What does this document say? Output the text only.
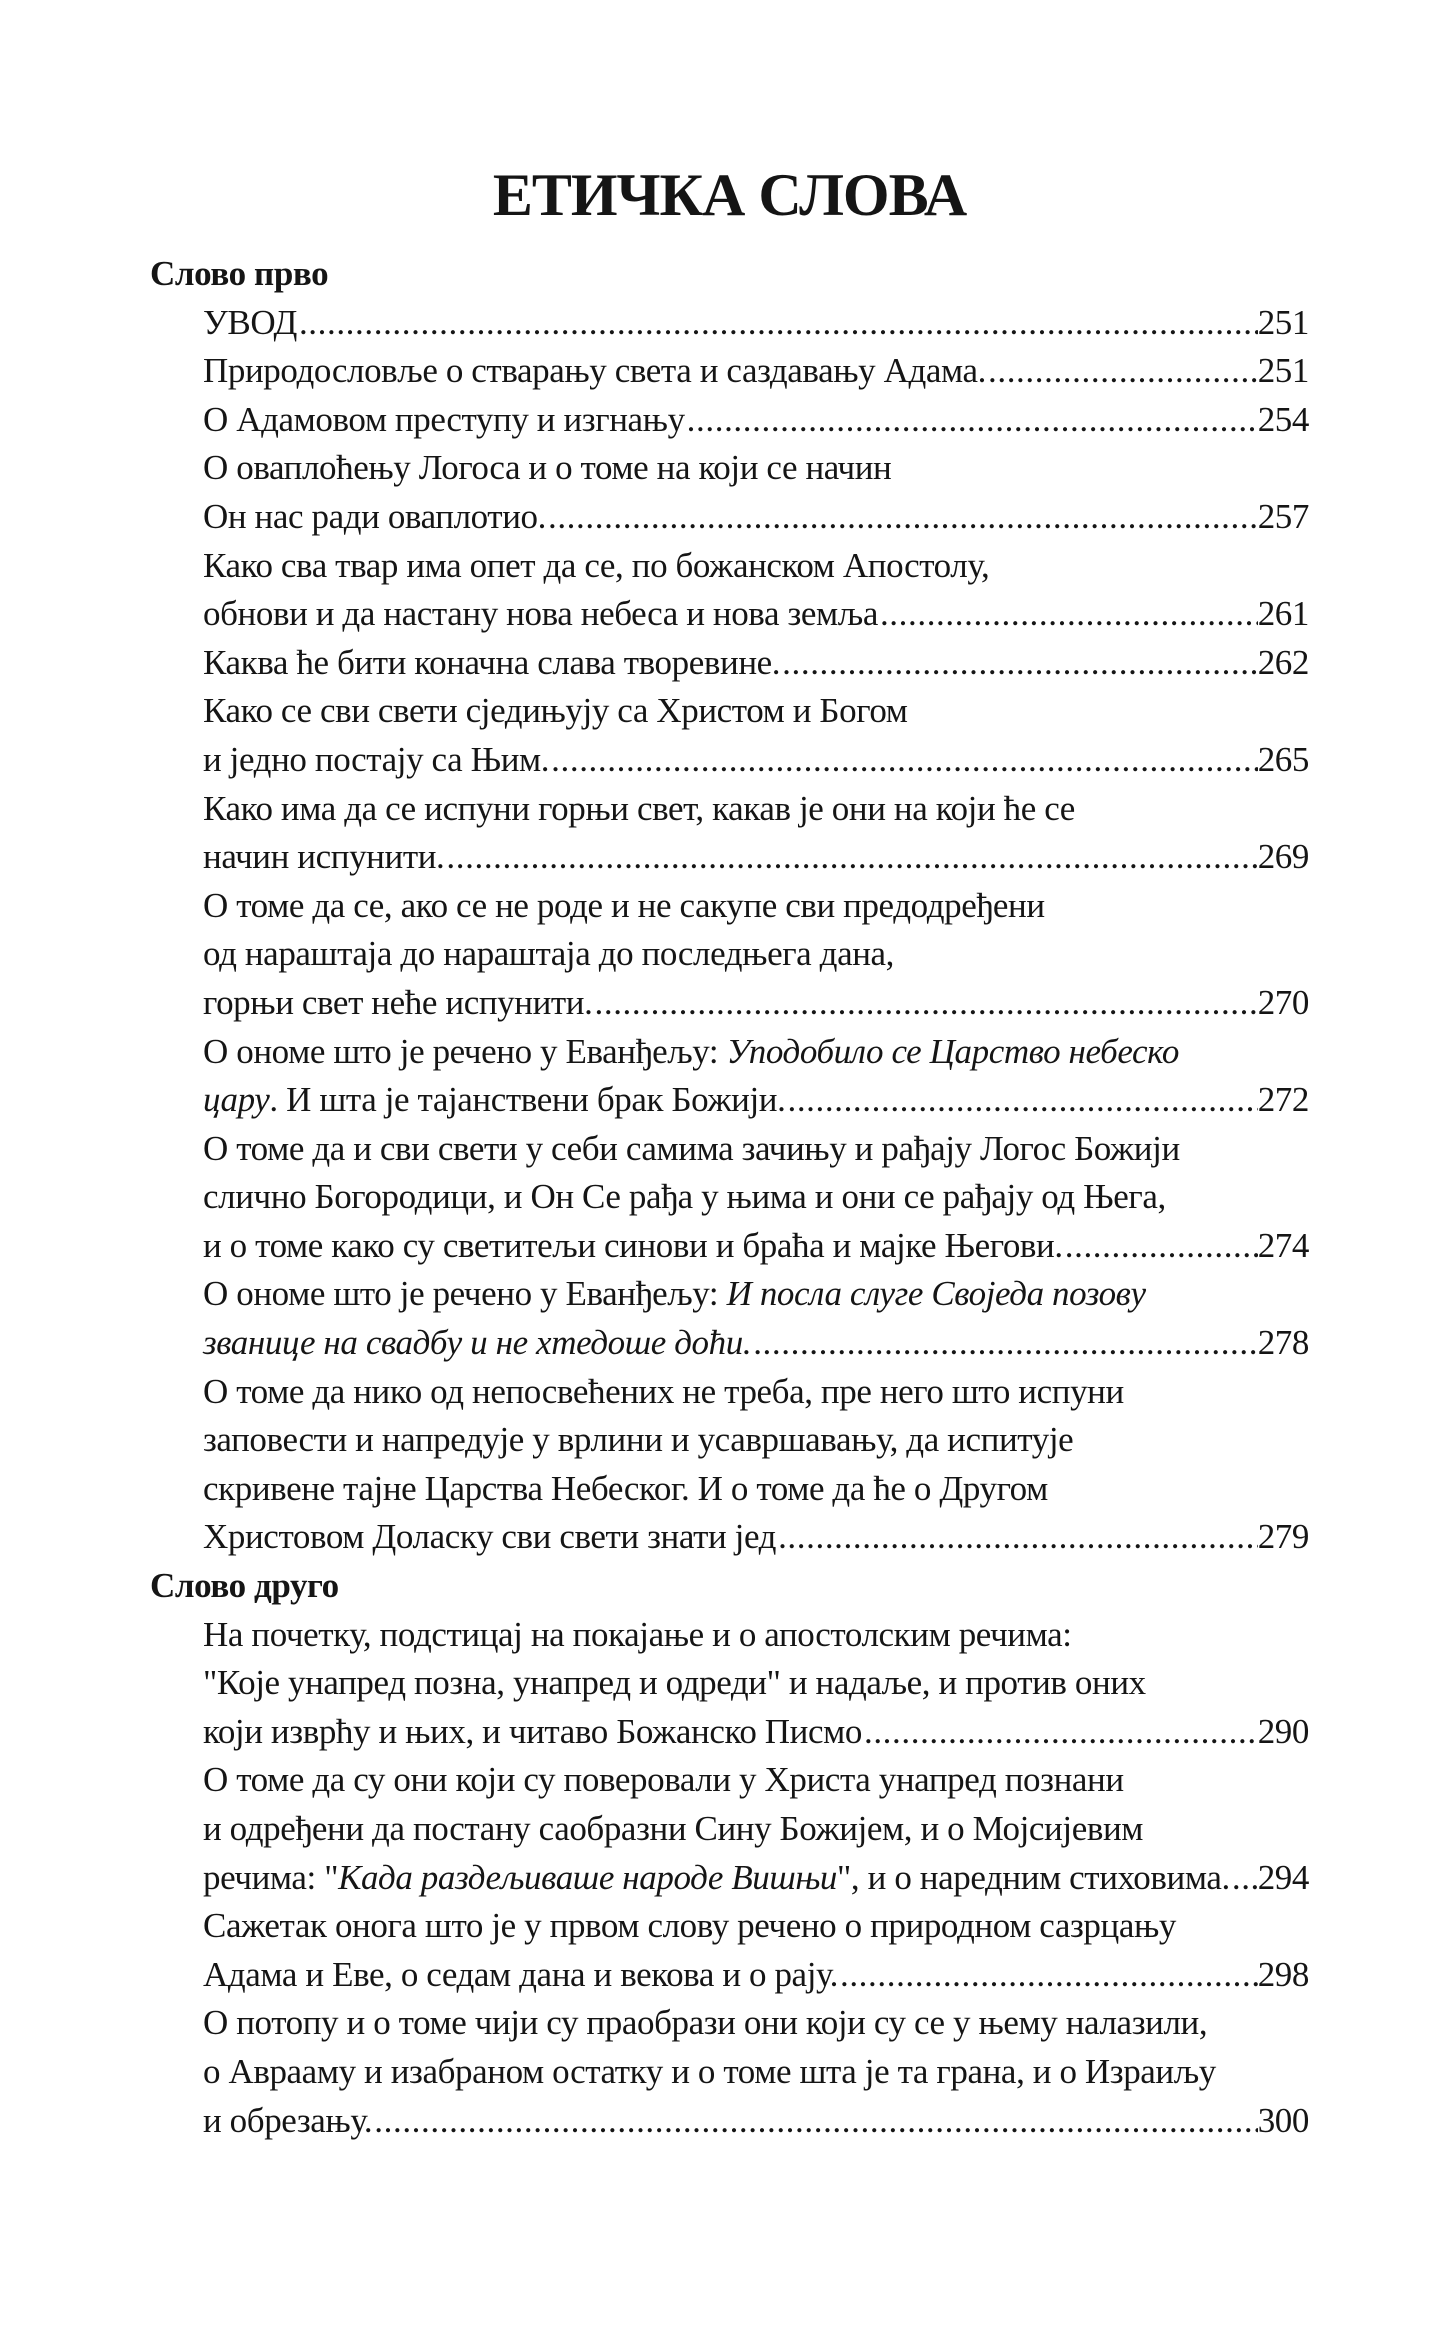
ЕТИЧКА СЛОВА
Слово прво
УВОД .....	251
Природословље о стварању света и саздавању Адама. .....	251
О Адамовом преступу и изгнању .....	254
О оваплоћењу Логоса и о томе на који се начин
Он нас ради оваплотио. .....	257
Како сва твар има опет да се, по божанском Апостолу,
обнови и да настану нова небеса и нова земља .....	261
Каква ће бити коначна слава творевине. .....	262
Како се сви свети сједињују са Христом и Богом
и једно постају са Њим. .....	265
Како има да се испуни горњи свет, какав је они на који ће се
начин испунити. .....	269
О томе да се, ако се не роде и не сакупе сви предодређени
од нараштаја до нараштаја до последњега дана,
горњи свет неће испунити. .....	270
О ономе што је речено у Еванђељу: Уподобило се Царство небеско
цару. И шта је тајанствени брак Божији. .....	272
О томе да и сви свети у себи самима зачињу и рађају Логос Божији
слично Богородици, и Он Се рађа у њима и они се рађају од Њега,
и о томе како су светитељи синови и браћа и мајке Његови. .....	274
О ономе што је речено у Еванђељу: И посла слуге Своједа позову
званице на свадбу и не хтедоше доћи. .....	278
О томе да нико од непосвећених не треба, пре него што испуни
заповести и напредује у врлини и усавршавању, да испитује
скривене тајне Царства Небеског. И о томе да ће о Другом
Христовом Доласку сви свети знати јед .....	279
Слово друго
На почетку, подстицај на покајање и о апостолским речима:
"Које унапред позна, унапред и одреди" и надаље, и против оних
који изврћу и њих, и читаво Божанско Писмо .....	290
О томе да су они који су поверовали у Христа унапред познани
и одређени да постану саобразни Сину Божијем, и о Мојсијевим
речима: "Када раздељиваше народе Вишњи", и о наредним стиховима. ..... 294
Сажетак онога што је у првом слову речено о природном сазрцању
Адама и Еве, о седам дана и векова и о рају. .....	298
О потопу и о томе чији су праобрази они који су се у њему налазили,
о Аврааму и изабраном остатку и о томе шта је та грана, и о Израиљу
и обрезању. .....	300
